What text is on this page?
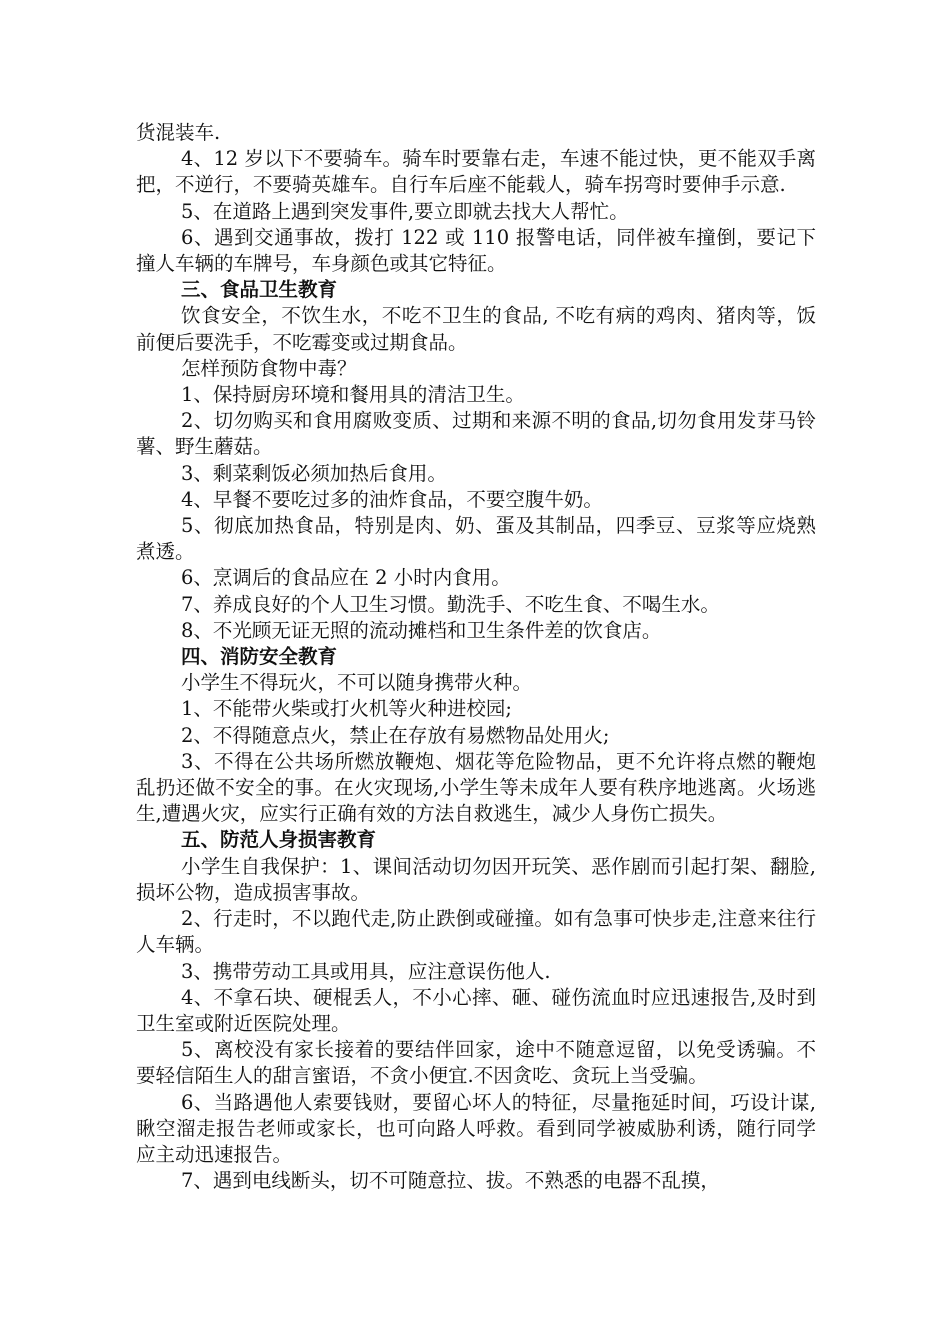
货混装车.

4、12 岁以下不要骑车。骑车时要靠右走，车速不能过快，更不能双手离把，不逆行，不要骑英雄车。自行车后座不能载人，骑车拐弯时要伸手示意.

5、在道路上遇到突发事件,要立即就去找大人帮忙。

6、遇到交通事故，拨打 122 或 110 报警电话，同伴被车撞倒，要记下撞人车辆的车牌号，车身颜色或其它特征。

三、食品卫生教育

饮食安全，不饮生水，不吃不卫生的食品, 不吃有病的鸡肉、猪肉等，饭前便后要洗手，不吃霉变或过期食品。

怎样预防食物中毒？

1、保持厨房环境和餐用具的清洁卫生。

2、切勿购买和食用腐败变质、过期和来源不明的食品,切勿食用发芽马铃薯、野生蘑菇。

3、剩菜剩饭必须加热后食用。

4、早餐不要吃过多的油炸食品，不要空腹牛奶。

5、彻底加热食品，特别是肉、奶、蛋及其制品，四季豆、豆浆等应烧熟煮透。

6、烹调后的食品应在 2 小时内食用。

7、养成良好的个人卫生习惯。勤洗手、不吃生食、不喝生水。

8、不光顾无证无照的流动摊档和卫生条件差的饮食店。

四、消防安全教育

小学生不得玩火，不可以随身携带火种。

1、不能带火柴或打火机等火种进校园;

2、不得随意点火，禁止在存放有易燃物品处用火;

3、不得在公共场所燃放鞭炮、烟花等危险物品，更不允许将点燃的鞭炮乱扔还做不安全的事。在火灾现场,小学生等未成年人要有秩序地逃离。火场逃生,遭遇火灾，应实行正确有效的方法自救逃生，减少人身伤亡损失。

五、防范人身损害教育

小学生自我保护：1、课间活动切勿因开玩笑、恶作剧而引起打架、翻脸,损坏公物，造成损害事故。

2、行走时，不以跑代走,防止跌倒或碰撞。如有急事可快步走,注意来往行人车辆。

3、携带劳动工具或用具，应注意误伤他人.

4、不拿石块、硬棍丢人，不小心摔、砸、碰伤流血时应迅速报告,及时到卫生室或附近医院处理。

5、离校没有家长接着的要结伴回家，途中不随意逗留，以免受诱骗。不要轻信陌生人的甜言蜜语，不贪小便宜.不因贪吃、贪玩上当受骗。

6、当路遇他人索要钱财，要留心坏人的特征，尽量拖延时间，巧设计谋,瞅空溜走报告老师或家长，也可向路人呼救。看到同学被威胁利诱，随行同学应主动迅速报告。

7、遇到电线断头，切不可随意拉、拔。不熟悉的电器不乱摸，
